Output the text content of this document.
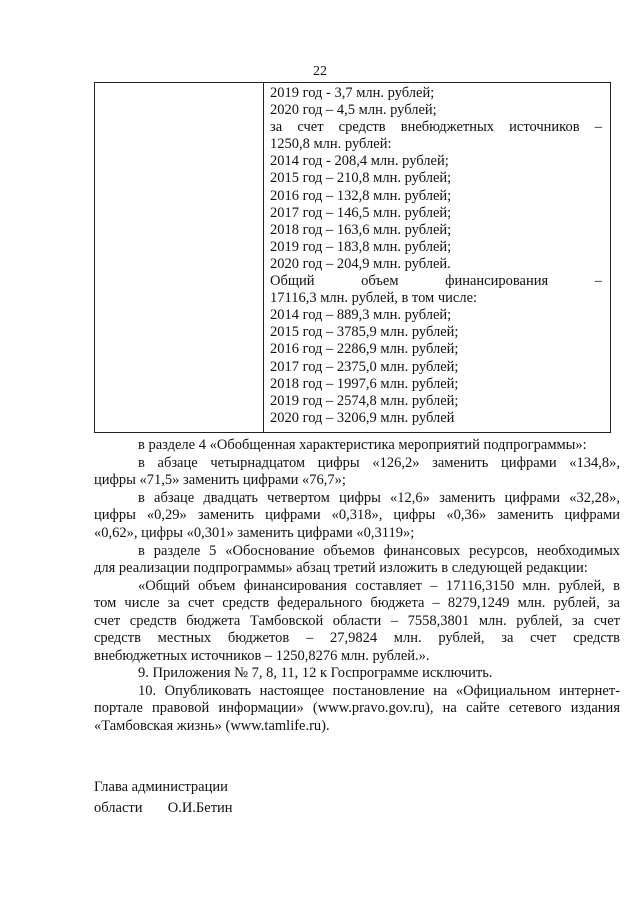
22
2019 год - 3,7 млн. рублей;
2020 год – 4,5 млн. рублей;
за счет средств внебюджетных источников –
1250,8 млн. рублей:
2014 год - 208,4 млн. рублей;
2015 год – 210,8 млн. рублей;
2016 год – 132,8 млн. рублей;
2017 год – 146,5 млн. рублей;
2018 год – 163,6 млн. рублей;
2019 год – 183,8 млн. рублей;
2020 год – 204,9 млн. рублей.
Общий объем финансирования –
17116,3 млн. рублей, в том числе:
2014 год – 889,3 млн. рублей;
2015 год – 3785,9 млн. рублей;
2016 год – 2286,9 млн. рублей;
2017 год – 2375,0 млн. рублей;
2018 год – 1997,6 млн. рублей;
2019 год – 2574,8 млн. рублей;
2020 год – 3206,9 млн. рублей
в разделе 4 «Обобщенная характеристика мероприятий подпрограммы»:
в абзаце четырнадцатом цифры «126,2» заменить цифрами «134,8»,
цифры «71,5» заменить цифрами «76,7»;
в абзаце двадцать четвертом цифры «12,6» заменить цифрами «32,28»,
цифры «0,29» заменить цифрами «0,318», цифры «0,36» заменить цифрами
«0,62», цифры «0,301» заменить цифрами «0,3119»;
в разделе 5 «Обоснование объемов финансовых ресурсов, необходимых
для реализации подпрограммы» абзац третий изложить в следующей редакции:
«Общий объем финансирования составляет – 17116,3150 млн. рублей, в
том числе за счет средств федерального бюджета – 8279,1249 млн. рублей, за
счет средств бюджета Тамбовской области – 7558,3801 млн. рублей, за счет
средств местных бюджетов – 27,9824 млн. рублей, за счет средств
внебюджетных источников – 1250,8276 млн. рублей.».
9. Приложения № 7, 8, 11, 12 к Госпрограмме исключить.
10. Опубликовать настоящее постановление на «Официальном интернет-
портале правовой информации» (www.pravo.gov.ru), на сайте сетевого издания
«Тамбовская жизнь» (www.tamlife.ru).
Глава администрации
области О.И.Бетин
